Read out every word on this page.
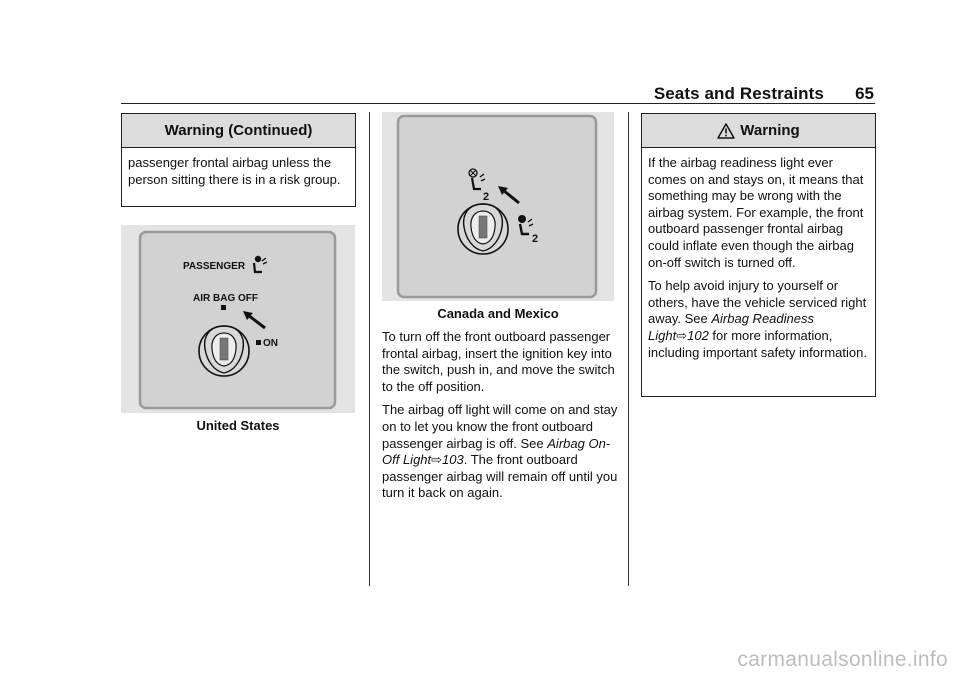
Seats and Restraints 65
Warning (Continued)

passenger frontal airbag unless the person sitting there is in a risk group.

PASSENGER
AIR BAG OFF
ON
United States
2
2
Canada and Mexico

To turn off the front outboard passenger frontal airbag, insert the ignition key into the switch, push in, and move the switch to the off position.

The airbag off light will come on and stay on to let you know the front outboard passenger airbag is off. See Airbag On-Off Light⇨103. The front outboard passenger airbag will remain off until you turn it back on again.

Warning

If the airbag readiness light ever comes on and stays on, it means that something may be wrong with the airbag system. For example, the front outboard passenger frontal airbag could inflate even though the airbag on-off switch is turned off.

To help avoid injury to yourself or others, have the vehicle serviced right away. See Airbag Readiness Light⇨102 for more information, including important safety information.

carmanualsonline.info
